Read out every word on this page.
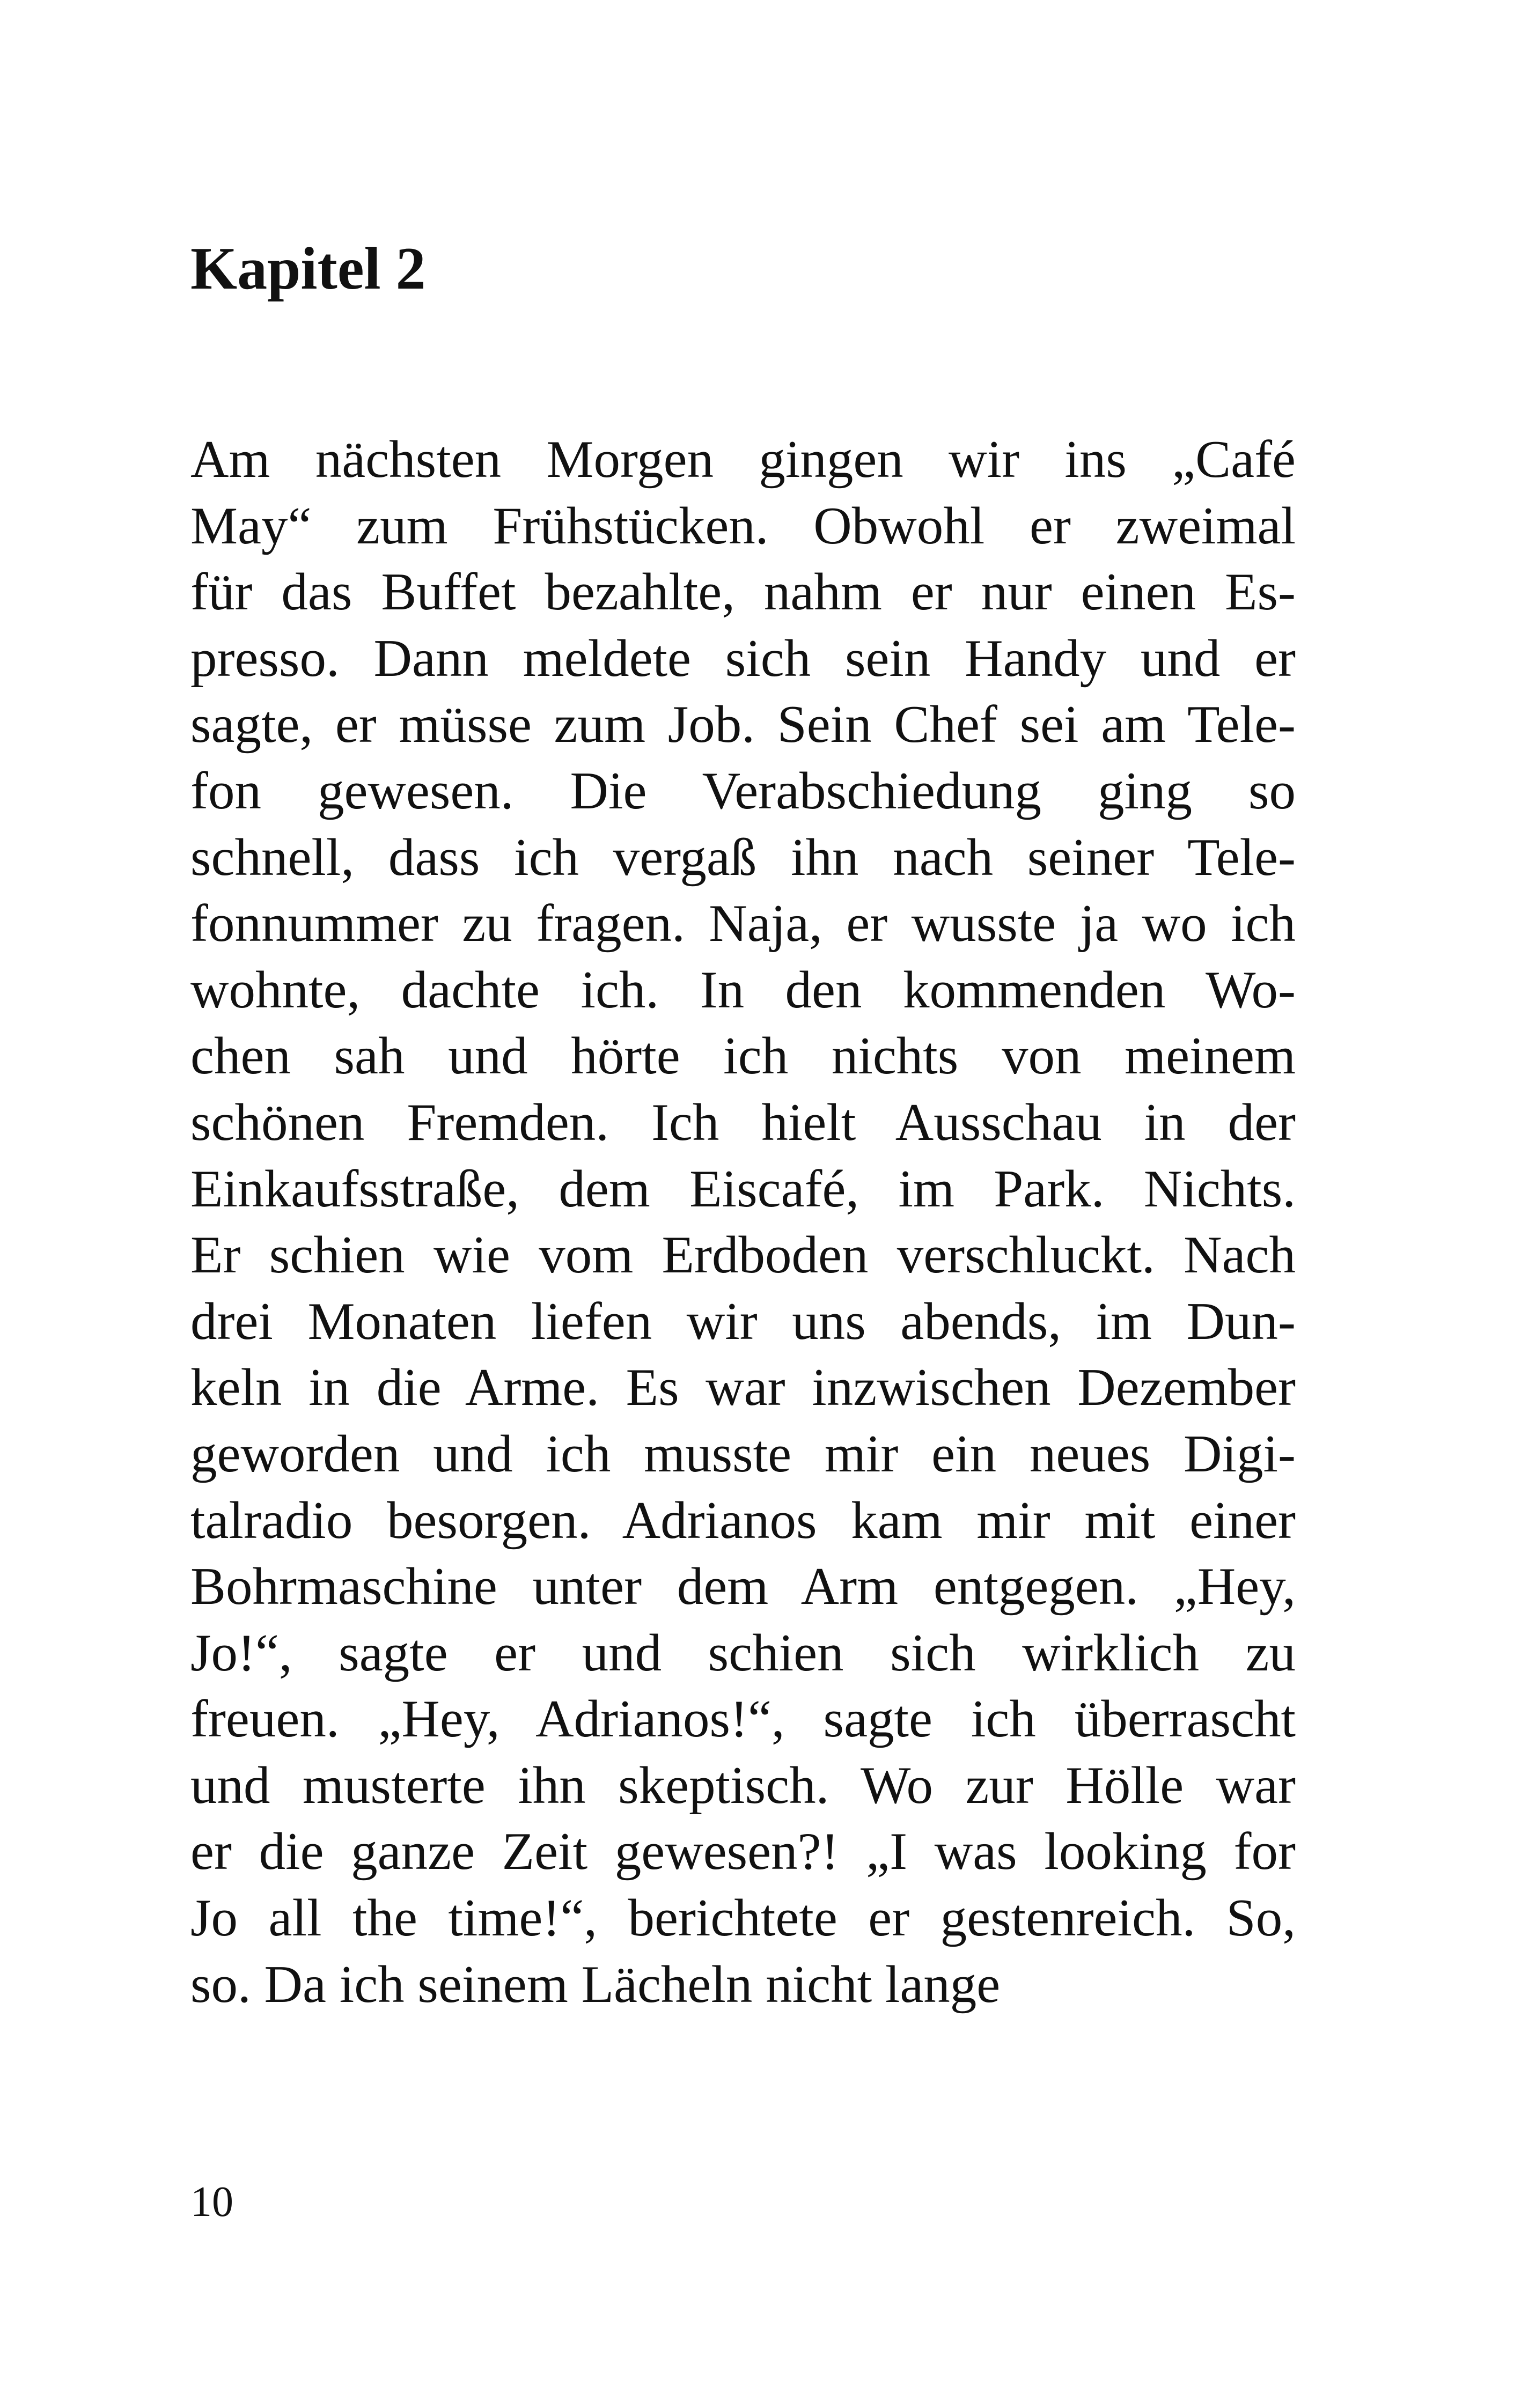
Kapitel 2
Am nächsten Morgen gingen wir ins „Café
May“ zum Frühstücken. Obwohl er zweimal
für das Buffet bezahlte, nahm er nur einen Es-
presso. Dann meldete sich sein Handy und er
sagte, er müsse zum Job. Sein Chef sei am Tele-
fon gewesen. Die Verabschiedung ging so
schnell, dass ich vergaß ihn nach seiner Tele-
fonnummer zu fragen. Naja, er wusste ja wo ich
wohnte, dachte ich. In den kommenden Wo-
chen sah und hörte ich nichts von meinem
schönen Fremden. Ich hielt Ausschau in der
Einkaufsstraße, dem Eiscafé, im Park. Nichts.
Er schien wie vom Erdboden verschluckt. Nach
drei Monaten liefen wir uns abends, im Dun-
keln in die Arme. Es war inzwischen Dezember
geworden und ich musste mir ein neues Digi-
talradio besorgen. Adrianos kam mir mit einer
Bohrmaschine unter dem Arm entgegen. „Hey,
Jo!“, sagte er und schien sich wirklich zu
freuen. „Hey, Adrianos!“, sagte ich überrascht
und musterte ihn skeptisch. Wo zur Hölle war
er die ganze Zeit gewesen?! „I was looking for
Jo all the time!“, berichtete er gestenreich. So,
so. Da ich seinem Lächeln nicht lange
10
